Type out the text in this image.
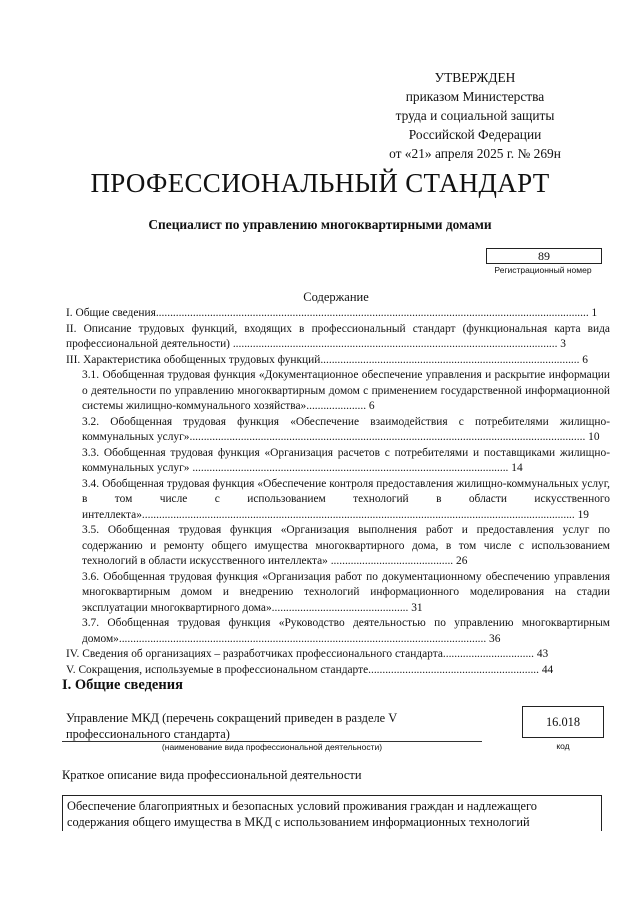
УТВЕРЖДЕН
приказом Министерства
труда и социальной защиты
Российской Федерации
от «21» апреля 2025 г. № 269н
ПРОФЕССИОНАЛЬНЫЙ СТАНДАРТ
Специалист по управлению многоквартирными домами
89
Регистрационный номер
Содержание
I. Общие сведения........................................................................................................................................................ 1
II. Описание трудовых функций, входящих в профессиональный стандарт (функциональная карта вида профессиональной деятельности) .................................................................................................................. 3
III. Характеристика обобщенных трудовых функций........................................................................................... 6
3.1. Обобщенная трудовая функция «Документационное обеспечение управления и раскрытие информации о деятельности по управлению многоквартирным домом с применением государственной информационной системы жилищно-коммунального хозяйства»..................... 6
3.2. Обобщенная трудовая функция «Обеспечение взаимодействия с потребителями жилищно-коммунальных услуг»........................................................................................................................................... 10
3.3. Обобщенная трудовая функция «Организация расчетов с потребителями и поставщиками жилищно-коммунальных услуг» ............................................................................................................... 14
3.4. Обобщенная трудовая функция «Обеспечение контроля предоставления жилищно-коммунальных услуг, в том числе с использованием технологий в области искусственного интеллекта»........................................................................................................................................................ 19
3.5. Обобщенная трудовая функция «Организация выполнения работ и предоставления услуг по содержанию и ремонту общего имущества многоквартирного дома, в том числе с использованием технологий в области искусственного интеллекта» ........................................... 26
3.6. Обобщенная трудовая функция «Организация работ по документационному обеспечению управления многоквартирным домом и внедрению технологий информационного моделирования на стадии эксплуатации многоквартирного дома»................................................ 31
3.7. Обобщенная трудовая функция «Руководство деятельностью по управлению многоквартирным домом»................................................................................................................................. 36
IV. Сведения об организациях – разработчиках профессионального стандарта................................ 43
V. Сокращения, используемые в профессиональном стандарте............................................................ 44
I. Общие сведения
Управление МКД (перечень сокращений приведен в разделе V профессионального стандарта)
(наименование вида профессиональной деятельности)
16.018
код
Краткое описание вида профессиональной деятельности
Обеспечение благоприятных и безопасных условий проживания граждан и надлежащего содержания общего имущества в МКД с использованием информационных технологий
